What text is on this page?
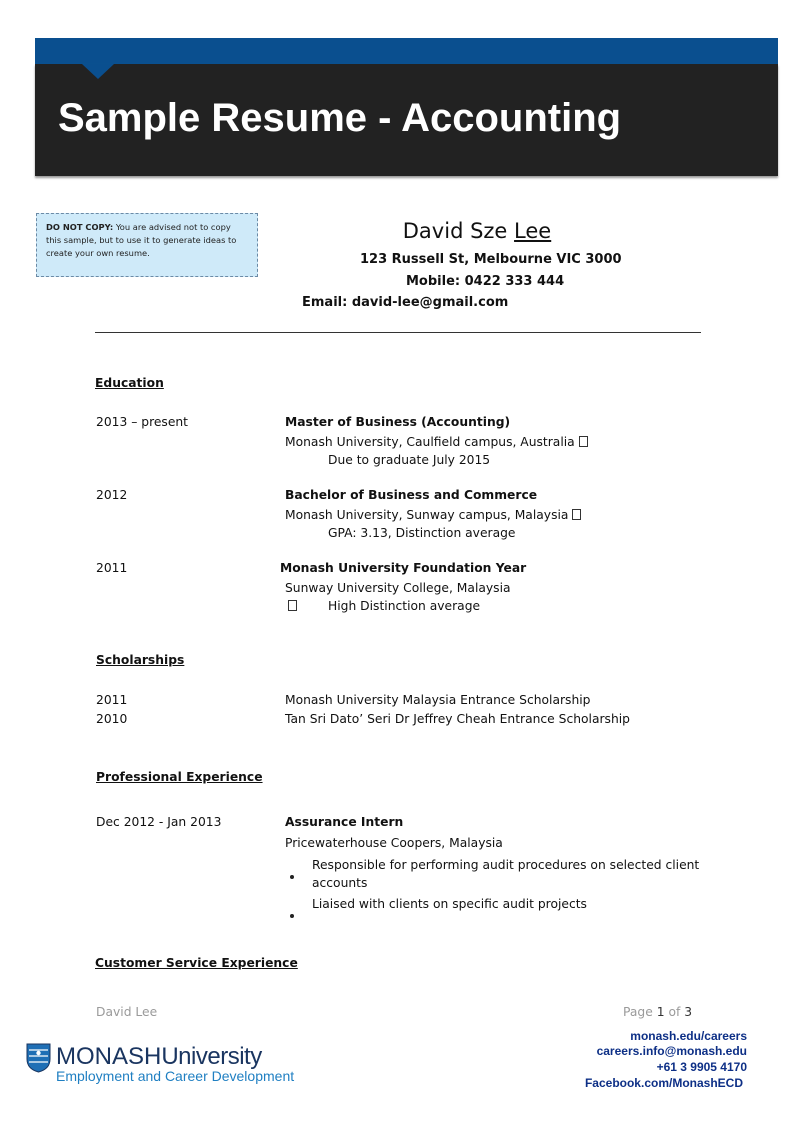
Sample Resume - Accounting
DO NOT COPY: You are advised not to copy this sample, but to use it to generate ideas to create your own resume.
David Sze Lee
123 Russell St, Melbourne VIC 3000
Mobile: 0422 333 444
Email: david-lee@gmail.com
Education
2013 – present	Master of Business (Accounting)
Monash University, Caulfield campus, Australia
Due to graduate July 2015
2012	Bachelor of Business and Commerce
Monash University, Sunway campus, Malaysia
GPA: 3.13, Distinction average
2011	Monash University Foundation Year
Sunway University College, Malaysia
High Distinction average
Scholarships
2011	Monash University Malaysia Entrance Scholarship
2010	Tan Sri Dato’ Seri Dr Jeffrey Cheah Entrance Scholarship
Professional Experience
Dec 2012 - Jan 2013	Assurance Intern
Pricewaterhouse Coopers, Malaysia
Responsible for performing audit procedures on selected client
accounts
Liaised with clients on specific audit projects
Customer Service Experience
David Lee	Page 1 of 3
MONASHUniversity
Employment and Career Development
monash.edu/careers
careers.info@monash.edu
+61 3 9905 4170
Facebook.com/MonashECD
